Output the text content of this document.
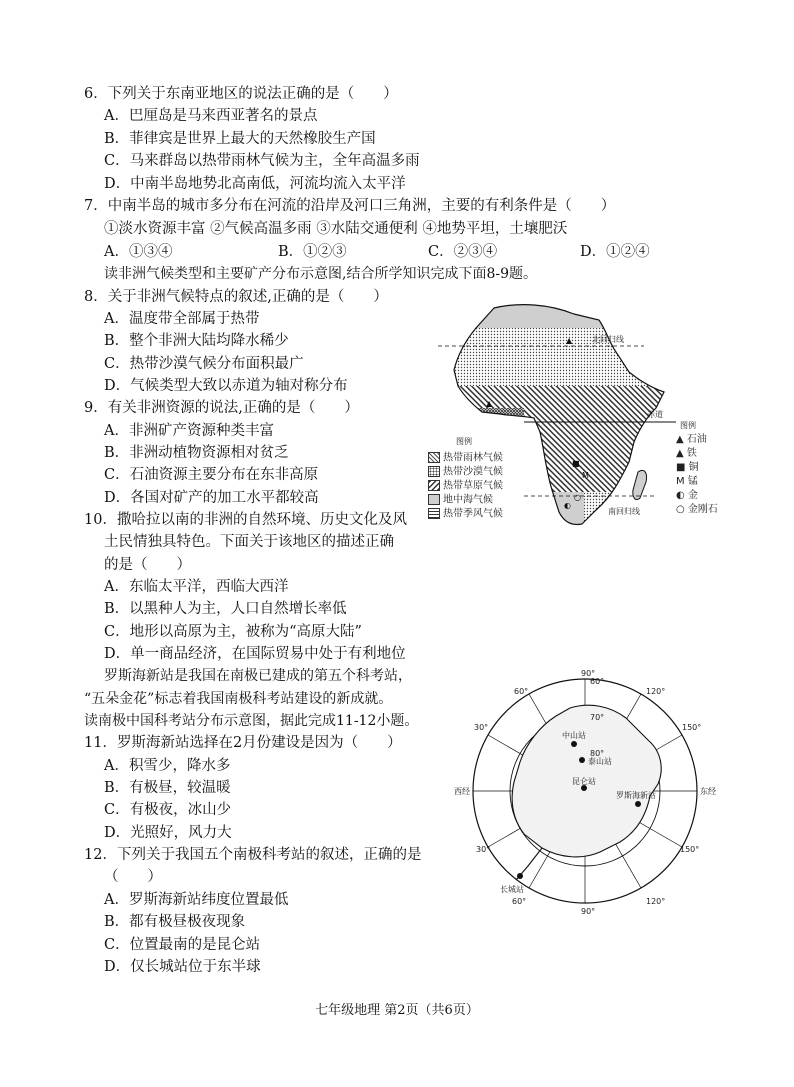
6．下列关于东南亚地区的说法正确的是（　　）
A．巴厘岛是马来西亚著名的景点
B．菲律宾是世界上最大的天然橡胶生产国
C．马来群岛以热带雨林气候为主，全年高温多雨
D．中南半岛地势北高南低，河流均流入太平洋
7．中南半岛的城市多分布在河流的沿岸及河口三角洲，主要的有利条件是（　　）
①淡水资源丰富 ②气候高温多雨 ③水陆交通便利 ④地势平坦，土壤肥沃
A．①③④	B．①②③	C．②③④	D．①②④
读非洲气候类型和主要矿产分布示意图,结合所学知识完成下面8-9题。
8．关于非洲气候特点的叙述,正确的是（　　）
A．温度带全部属于热带
B．整个非洲大陆均降水稀少
C．热带沙漠气候分布面积最广
D．气候类型大致以赤道为轴对称分布
9．有关非洲资源的说法,正确的是（　　）
A．非洲矿产资源种类丰富
B．非洲动植物资源相对贫乏
C．石油资源主要分布在东非高原
D．各国对矿产的加工水平都较高
10．撒哈拉以南的非洲的自然环境、历史文化及风
土民情独具特色。下面关于该地区的描述正确
的是（　　）
A．东临太平洋，西临大西洋
B．以黑种人为主，人口自然增长率低
C．地形以高原为主，被称为“高原大陆”
D．单一商品经济，在国际贸易中处于有利地位
罗斯海新站是我国在南极已建成的第五个科考站，
“五朵金花”标志着我国南极科考站建设的新成就。
读南极中国科考站分布示意图，据此完成11-12小题。
11．罗斯海新站选择在2月份建设是因为（　　）
A．积雪少，降水多
B．有极昼，较温暖
C．有极夜，冰山少
D．光照好，风力大
12．下列关于我国五个南极科考站的叙述，正确的是
（　　）
A．罗斯海新站纬度位置最低
B．都有极昼极夜现象
C．位置最南的是昆仑站
D．仅长城站位于东半球
北回归线
赤道
南回归线
▲
▲
■
M
◐
○
图例
图例
热带雨林气候
热带沙漠气候
热带草原气候
地中海气候
热带季风气候
▲ 石油
▲ 铁
■ 铜
M 锰
◐ 金
○ 金刚石
中山站
泰山站
昆仑站
罗斯海新站
长城站
90°
60°	120°
30°	150°
西经	东经
30°	150°
60°	120°
90°
70°
80°
60°
七年级地理 第2页（共6页）
